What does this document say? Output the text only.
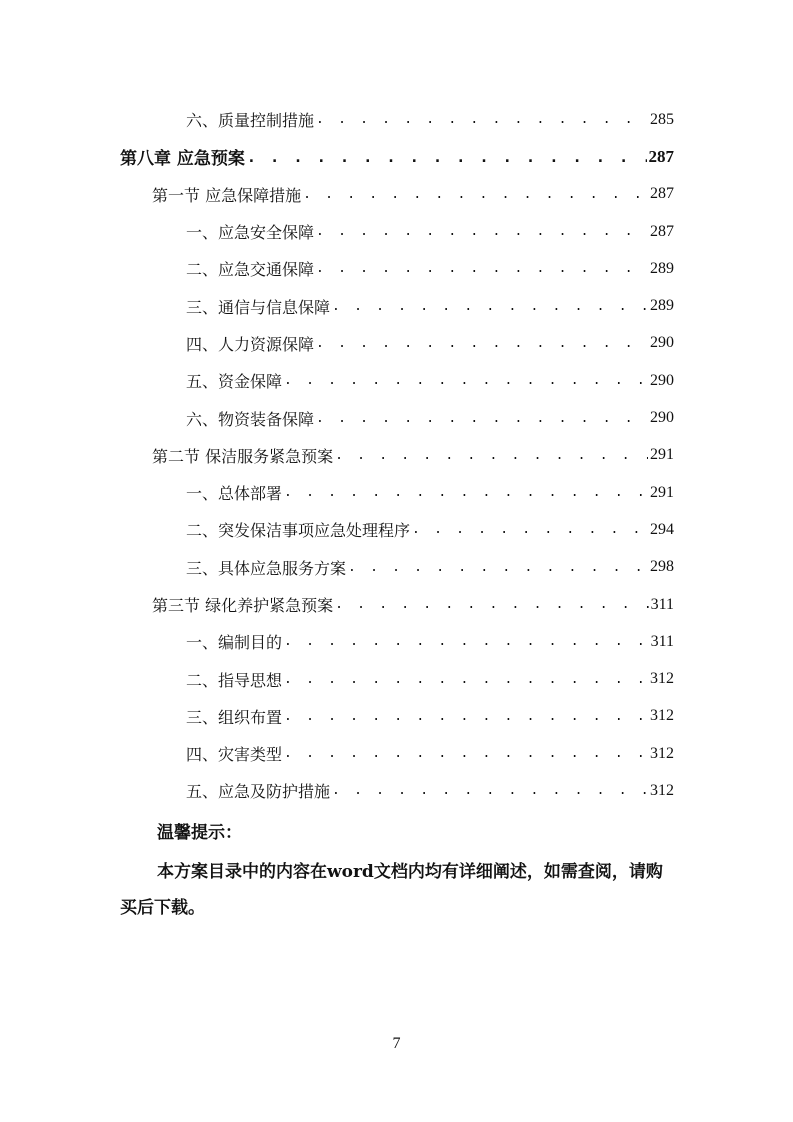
六、质量控制措施 . . .	285
第八章 应急预案 . . .	287
第一节 应急保障措施 . . .	287
一、应急安全保障 . . .	287
二、应急交通保障 . . .	289
三、通信与信息保障 . . .	289
四、人力资源保障 . . .	290
五、资金保障 . . .	290
六、物资装备保障 . . .	290
第二节 保洁服务紧急预案 . . .	291
一、总体部署 . . .	291
二、突发保洁事项应急处理程序 . . .	294
三、具体应急服务方案 . . .	298
第三节 绿化养护紧急预案 . . .	311
一、编制目的 . . .	311
二、指导思想 . . .	312
三、组织布置 . . .	312
四、灾害类型 . . .	312
五、应急及防护措施 . . .	312
温馨提示：
本方案目录中的内容在word文档内均有详细阐述，如需查阅，请购买后下载。
7
